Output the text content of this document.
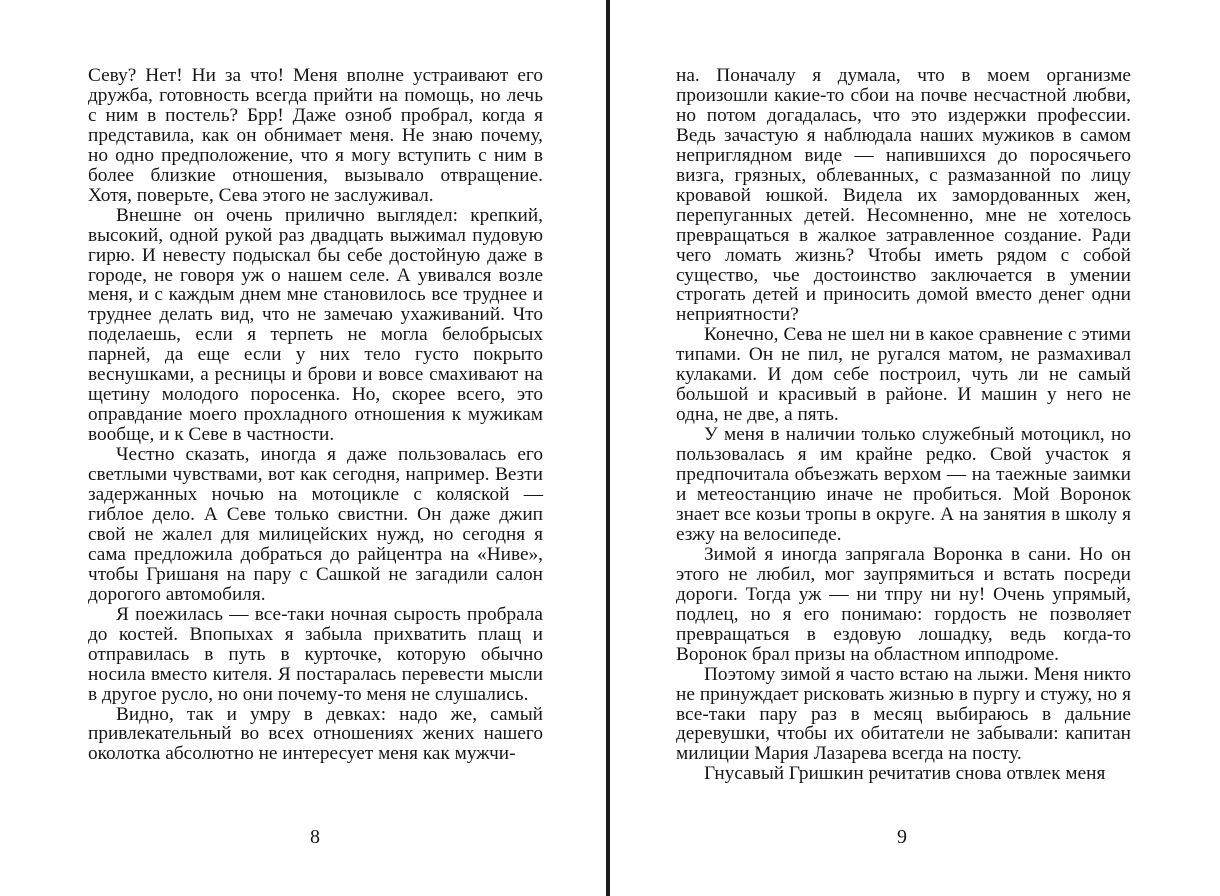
Севу? Нет! Ни за что! Меня вполне устраивают его дружба, готовность всегда прийти на помощь, но лечь с ним в постель? Брр! Даже озноб пробрал, когда я представила, как он обнимает меня. Не знаю почему, но одно предположение, что я могу вступить с ним в более близкие отношения, вызывало отвращение. Хотя, поверьте, Сева этого не заслуживал.

Внешне он очень прилично выглядел: крепкий, высокий, одной рукой раз двадцать выжимал пудовую гирю. И невесту подыскал бы себе достойную даже в городе, не говоря уж о нашем селе. А увивался возле меня, и с каждым днем мне становилось все труднее и труднее делать вид, что не замечаю ухаживаний. Что поделаешь, если я терпеть не могла белобрысых парней, да еще если у них тело густо покрыто веснушками, а ресницы и брови и вовсе смахивают на щетину молодого поросенка. Но, скорее всего, это оправдание моего прохладного отношения к мужикам вообще, и к Севе в частности.

Честно сказать, иногда я даже пользовалась его светлыми чувствами, вот как сегодня, например. Везти задержанных ночью на мотоцикле с коляской — гиблое дело. А Севе только свистни. Он даже джип свой не жалел для милицейских нужд, но сегодня я сама предложила добраться до райцентра на «Ниве», чтобы Гришаня на пару с Сашкой не загадили салон дорогого автомобиля.

Я поежилась — все-таки ночная сырость пробрала до костей. Впопыхах я забыла прихватить плащ и отправилась в путь в курточке, которую обычно носила вместо кителя. Я постаралась перевести мысли в другое русло, но они почему-то меня не слушались.

Видно, так и умру в девках: надо же, самый привлекательный во всех отношениях жених нашего околотка абсолютно не интересует меня как мужчи-

8

на. Поначалу я думала, что в моем организме произошли какие-то сбои на почве несчастной любви, но потом догадалась, что это издержки профессии. Ведь зачастую я наблюдала наших мужиков в самом неприглядном виде — напившихся до поросячьего визга, грязных, облеванных, с размазанной по лицу кровавой юшкой. Видела их замордованных жен, перепуганных детей. Несомненно, мне не хотелось превращаться в жалкое затравленное создание. Ради чего ломать жизнь? Чтобы иметь рядом с собой существо, чье достоинство заключается в умении строгать детей и приносить домой вместо денег одни неприятности?

Конечно, Сева не шел ни в какое сравнение с этими типами. Он не пил, не ругался матом, не размахивал кулаками. И дом себе построил, чуть ли не самый большой и красивый в районе. И машин у него не одна, не две, а пять.

У меня в наличии только служебный мотоцикл, но пользовалась я им крайне редко. Свой участок я предпочитала объезжать верхом — на таежные заимки и метеостанцию иначе не пробиться. Мой Воронок знает все козьи тропы в округе. А на занятия в школу я езжу на велосипеде.

Зимой я иногда запрягала Воронка в сани. Но он этого не любил, мог заупрямиться и встать посреди дороги. Тогда уж — ни тпру ни ну! Очень упрямый, подлец, но я его понимаю: гордость не позволяет превращаться в ездовую лошадку, ведь когда-то Воронок брал призы на областном ипподроме.

Поэтому зимой я часто встаю на лыжи. Меня никто не принуждает рисковать жизнью в пургу и стужу, но я все-таки пару раз в месяц выбираюсь в дальние деревушки, чтобы их обитатели не забывали: капитан милиции Мария Лазарева всегда на посту.

Гнусавый Гришкин речитатив снова отвлек меня

9
